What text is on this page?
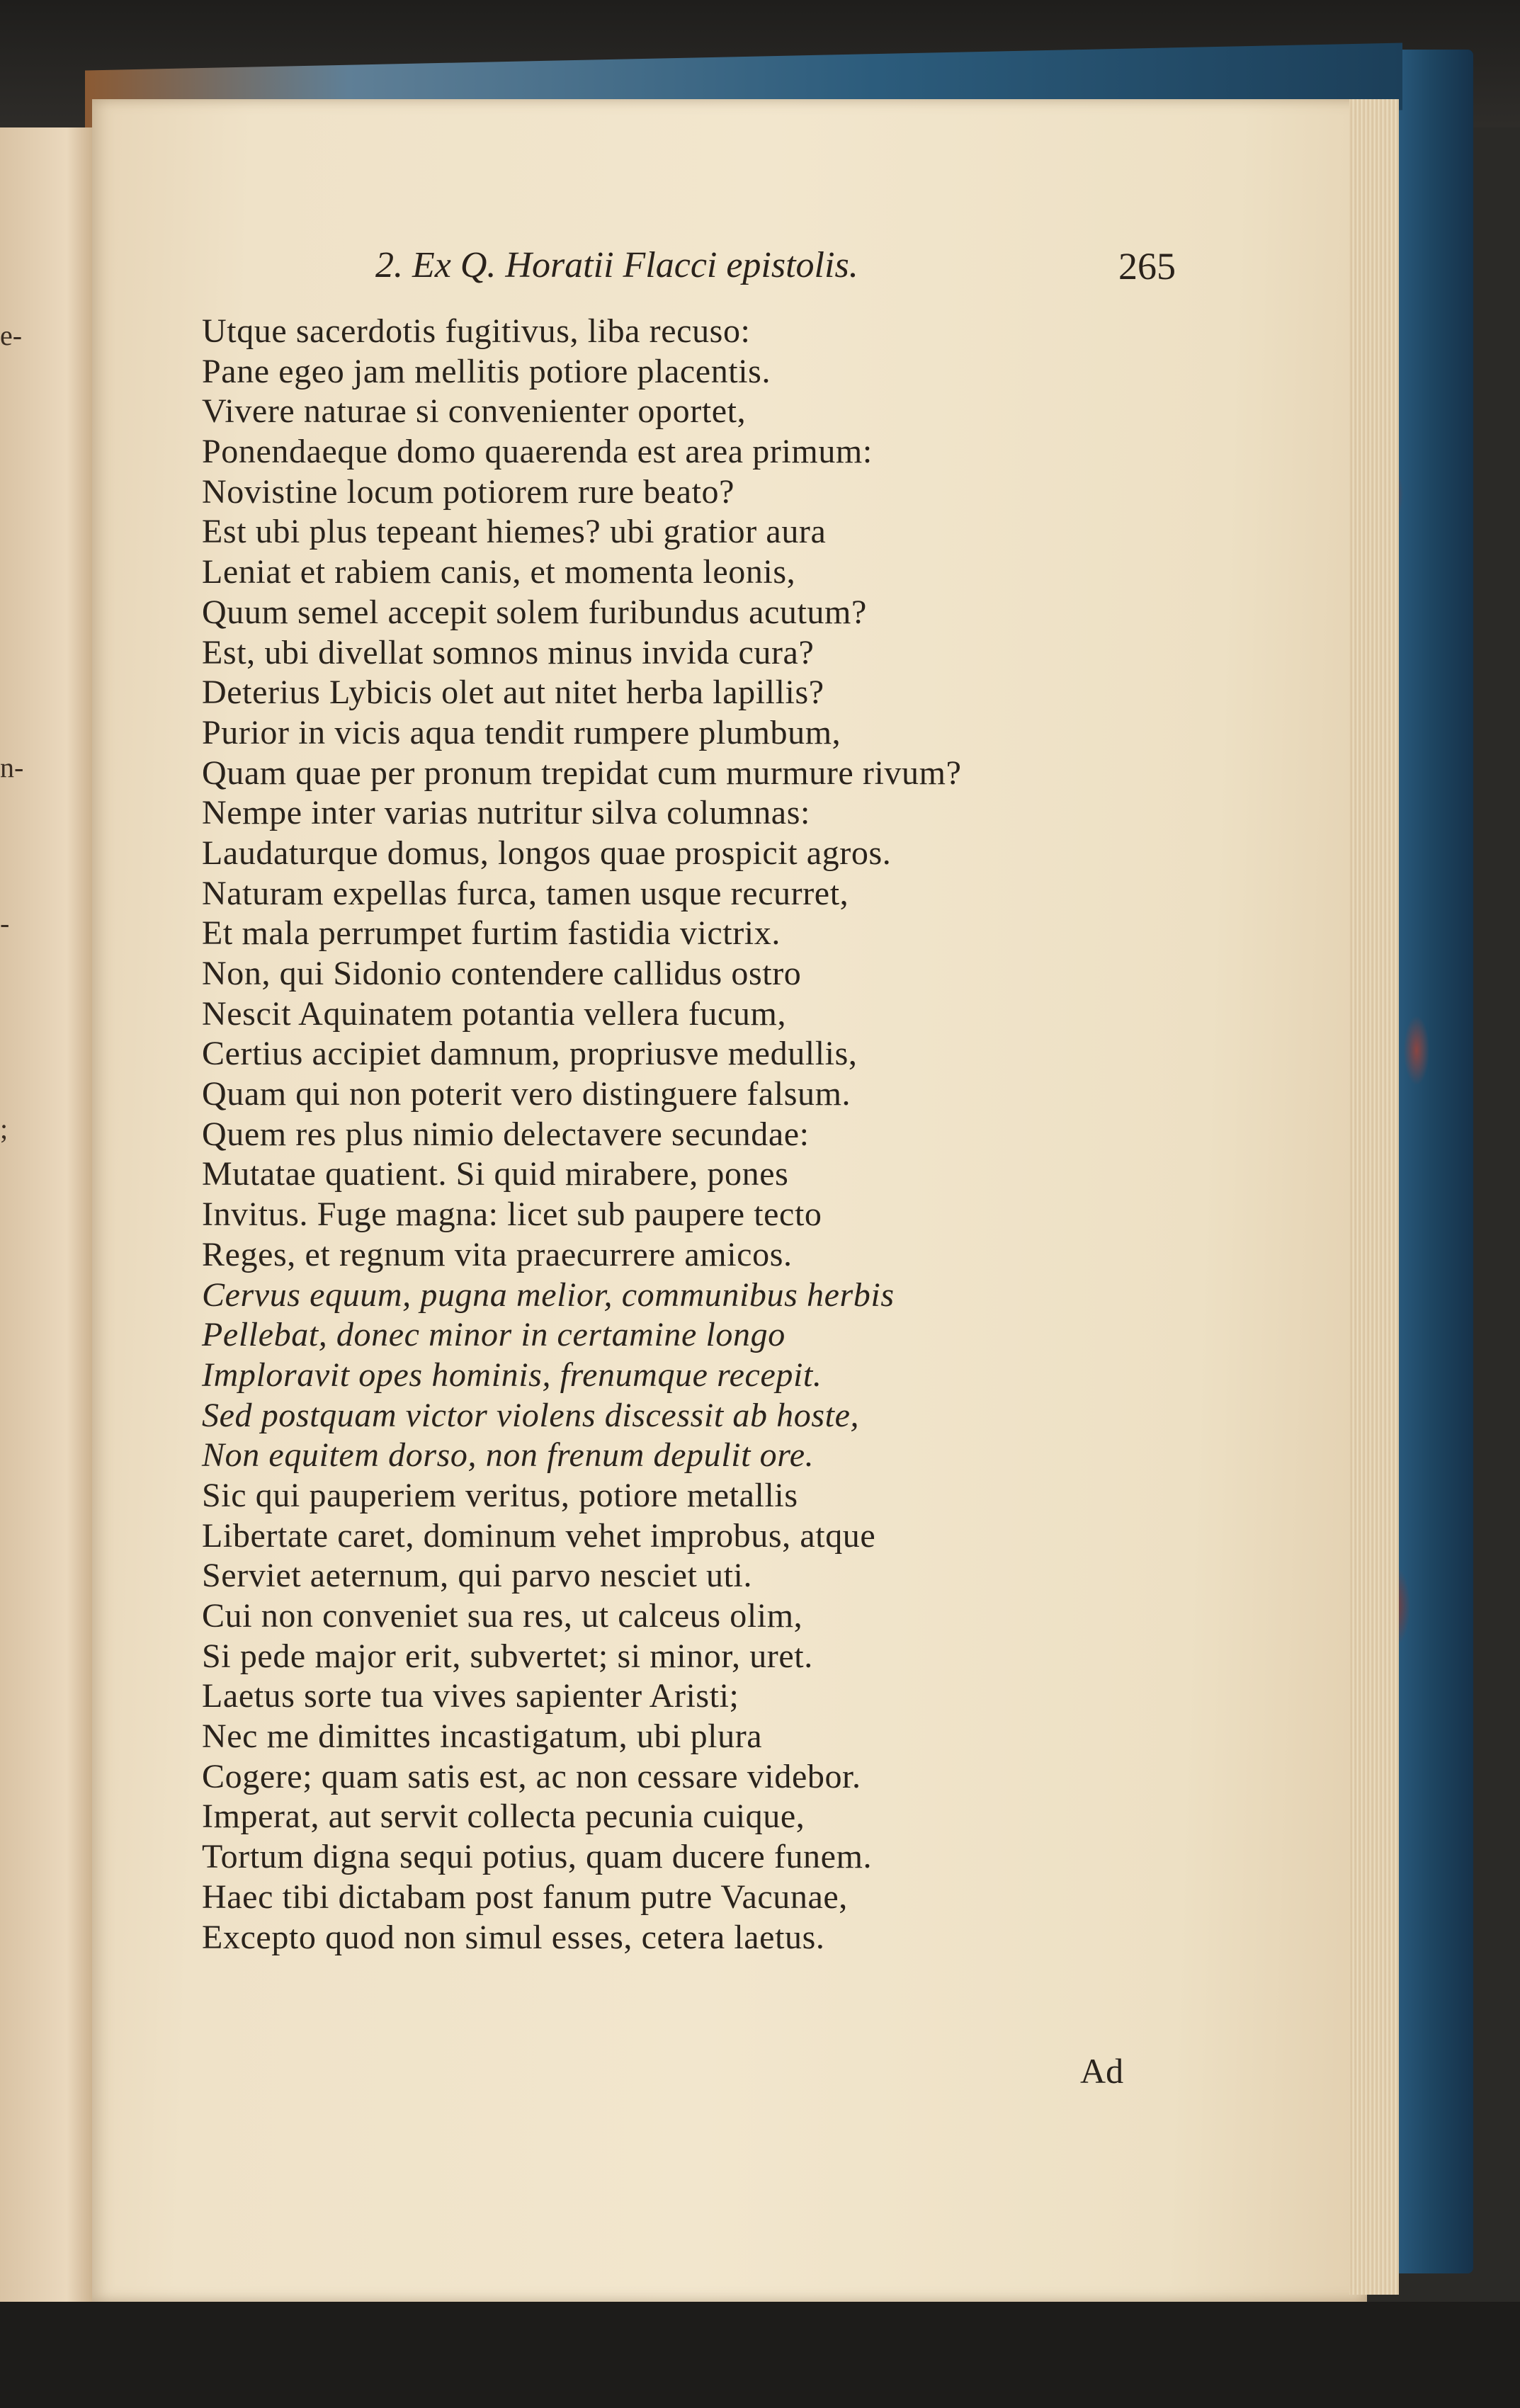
e-
n-
-
;
2. Ex Q. Horatii Flacci epistolis.	265
Utque sacerdotis fugitivus, liba recuso:
Pane egeo jam mellitis potiore placentis.
Vivere naturae si convenienter oportet,
Ponendaeque domo quaerenda est area primum:
Novistine locum potiorem rure beato?
Est ubi plus tepeant hiemes? ubi gratior aura
Leniat et rabiem canis, et momenta leonis,
Quum semel accepit solem furibundus acutum?
Est, ubi divellat somnos minus invida cura?
Deterius Lybicis olet aut nitet herba lapillis?
Purior in vicis aqua tendit rumpere plumbum,
Quam quae per pronum trepidat cum murmure rivum?
Nempe inter varias nutritur silva columnas:
Laudaturque domus, longos quae prospicit agros.
Naturam expellas furca, tamen usque recurret,
Et mala perrumpet furtim fastidia victrix.
Non, qui Sidonio contendere callidus ostro
Nescit Aquinatem potantia vellera fucum,
Certius accipiet damnum, propriusve medullis,
Quam qui non poterit vero distinguere falsum.
Quem res plus nimio delectavere secundae:
Mutatae quatient. Si quid mirabere, pones
Invitus. Fuge magna: licet sub paupere tecto
Reges, et regnum vita praecurrere amicos.
Cervus equum, pugna melior, communibus herbis
Pellebat, donec minor in certamine longo
Imploravit opes hominis, frenumque recepit.
Sed postquam victor violens discessit ab hoste,
Non equitem dorso, non frenum depulit ore.
Sic qui pauperiem veritus, potiore metallis
Libertate caret, dominum vehet improbus, atque
Serviet aeternum, qui parvo nesciet uti.
Cui non conveniet sua res, ut calceus olim,
Si pede major erit, subvertet; si minor, uret.
Laetus sorte tua vives sapienter Aristi;
Nec me dimittes incastigatum, ubi plura
Cogere; quam satis est, ac non cessare videbor.
Imperat, aut servit collecta pecunia cuique,
Tortum digna sequi potius, quam ducere funem.
Haec tibi dictabam post fanum putre Vacunae,
Excepto quod non simul esses, cetera laetus.
Ad
